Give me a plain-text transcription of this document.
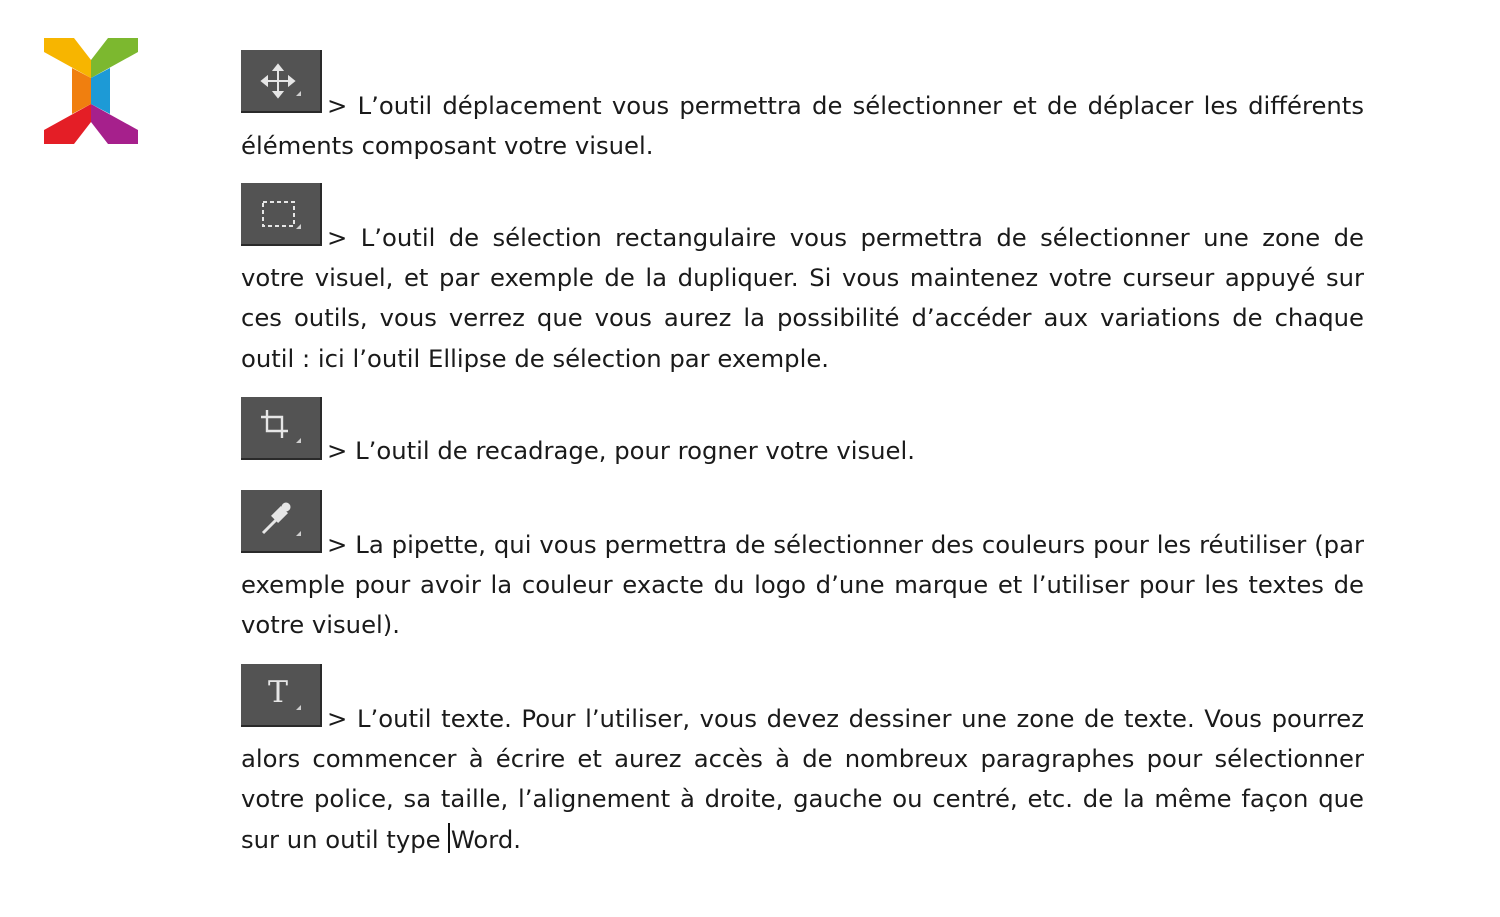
> L’outil déplacement vous permettra de sélectionner et de déplacer les différents éléments composant votre visuel.

> L’outil de sélection rectangulaire vous permettra de sélectionner une zone de votre visuel, et par exemple de la dupliquer. Si vous maintenez votre curseur appuyé sur ces outils, vous verrez que vous aurez la possibilité d’accéder aux variations de chaque outil : ici l’outil Ellipse de sélection par exemple.

> L’outil de recadrage, pour rogner votre visuel.

> La pipette, qui vous permettra de sélectionner des couleurs pour les réutiliser (par exemple pour avoir la couleur exacte du logo d’une marque et l’utiliser pour les textes de votre visuel).

T

> L’outil texte. Pour l’utiliser, vous devez dessiner une zone de texte. Vous pourrez alors commencer à écrire et aurez accès à de nombreux paragraphes pour sélectionner votre police, sa taille, l’alignement à droite, gauche ou centré, etc. de la même façon que sur un outil type Word.
